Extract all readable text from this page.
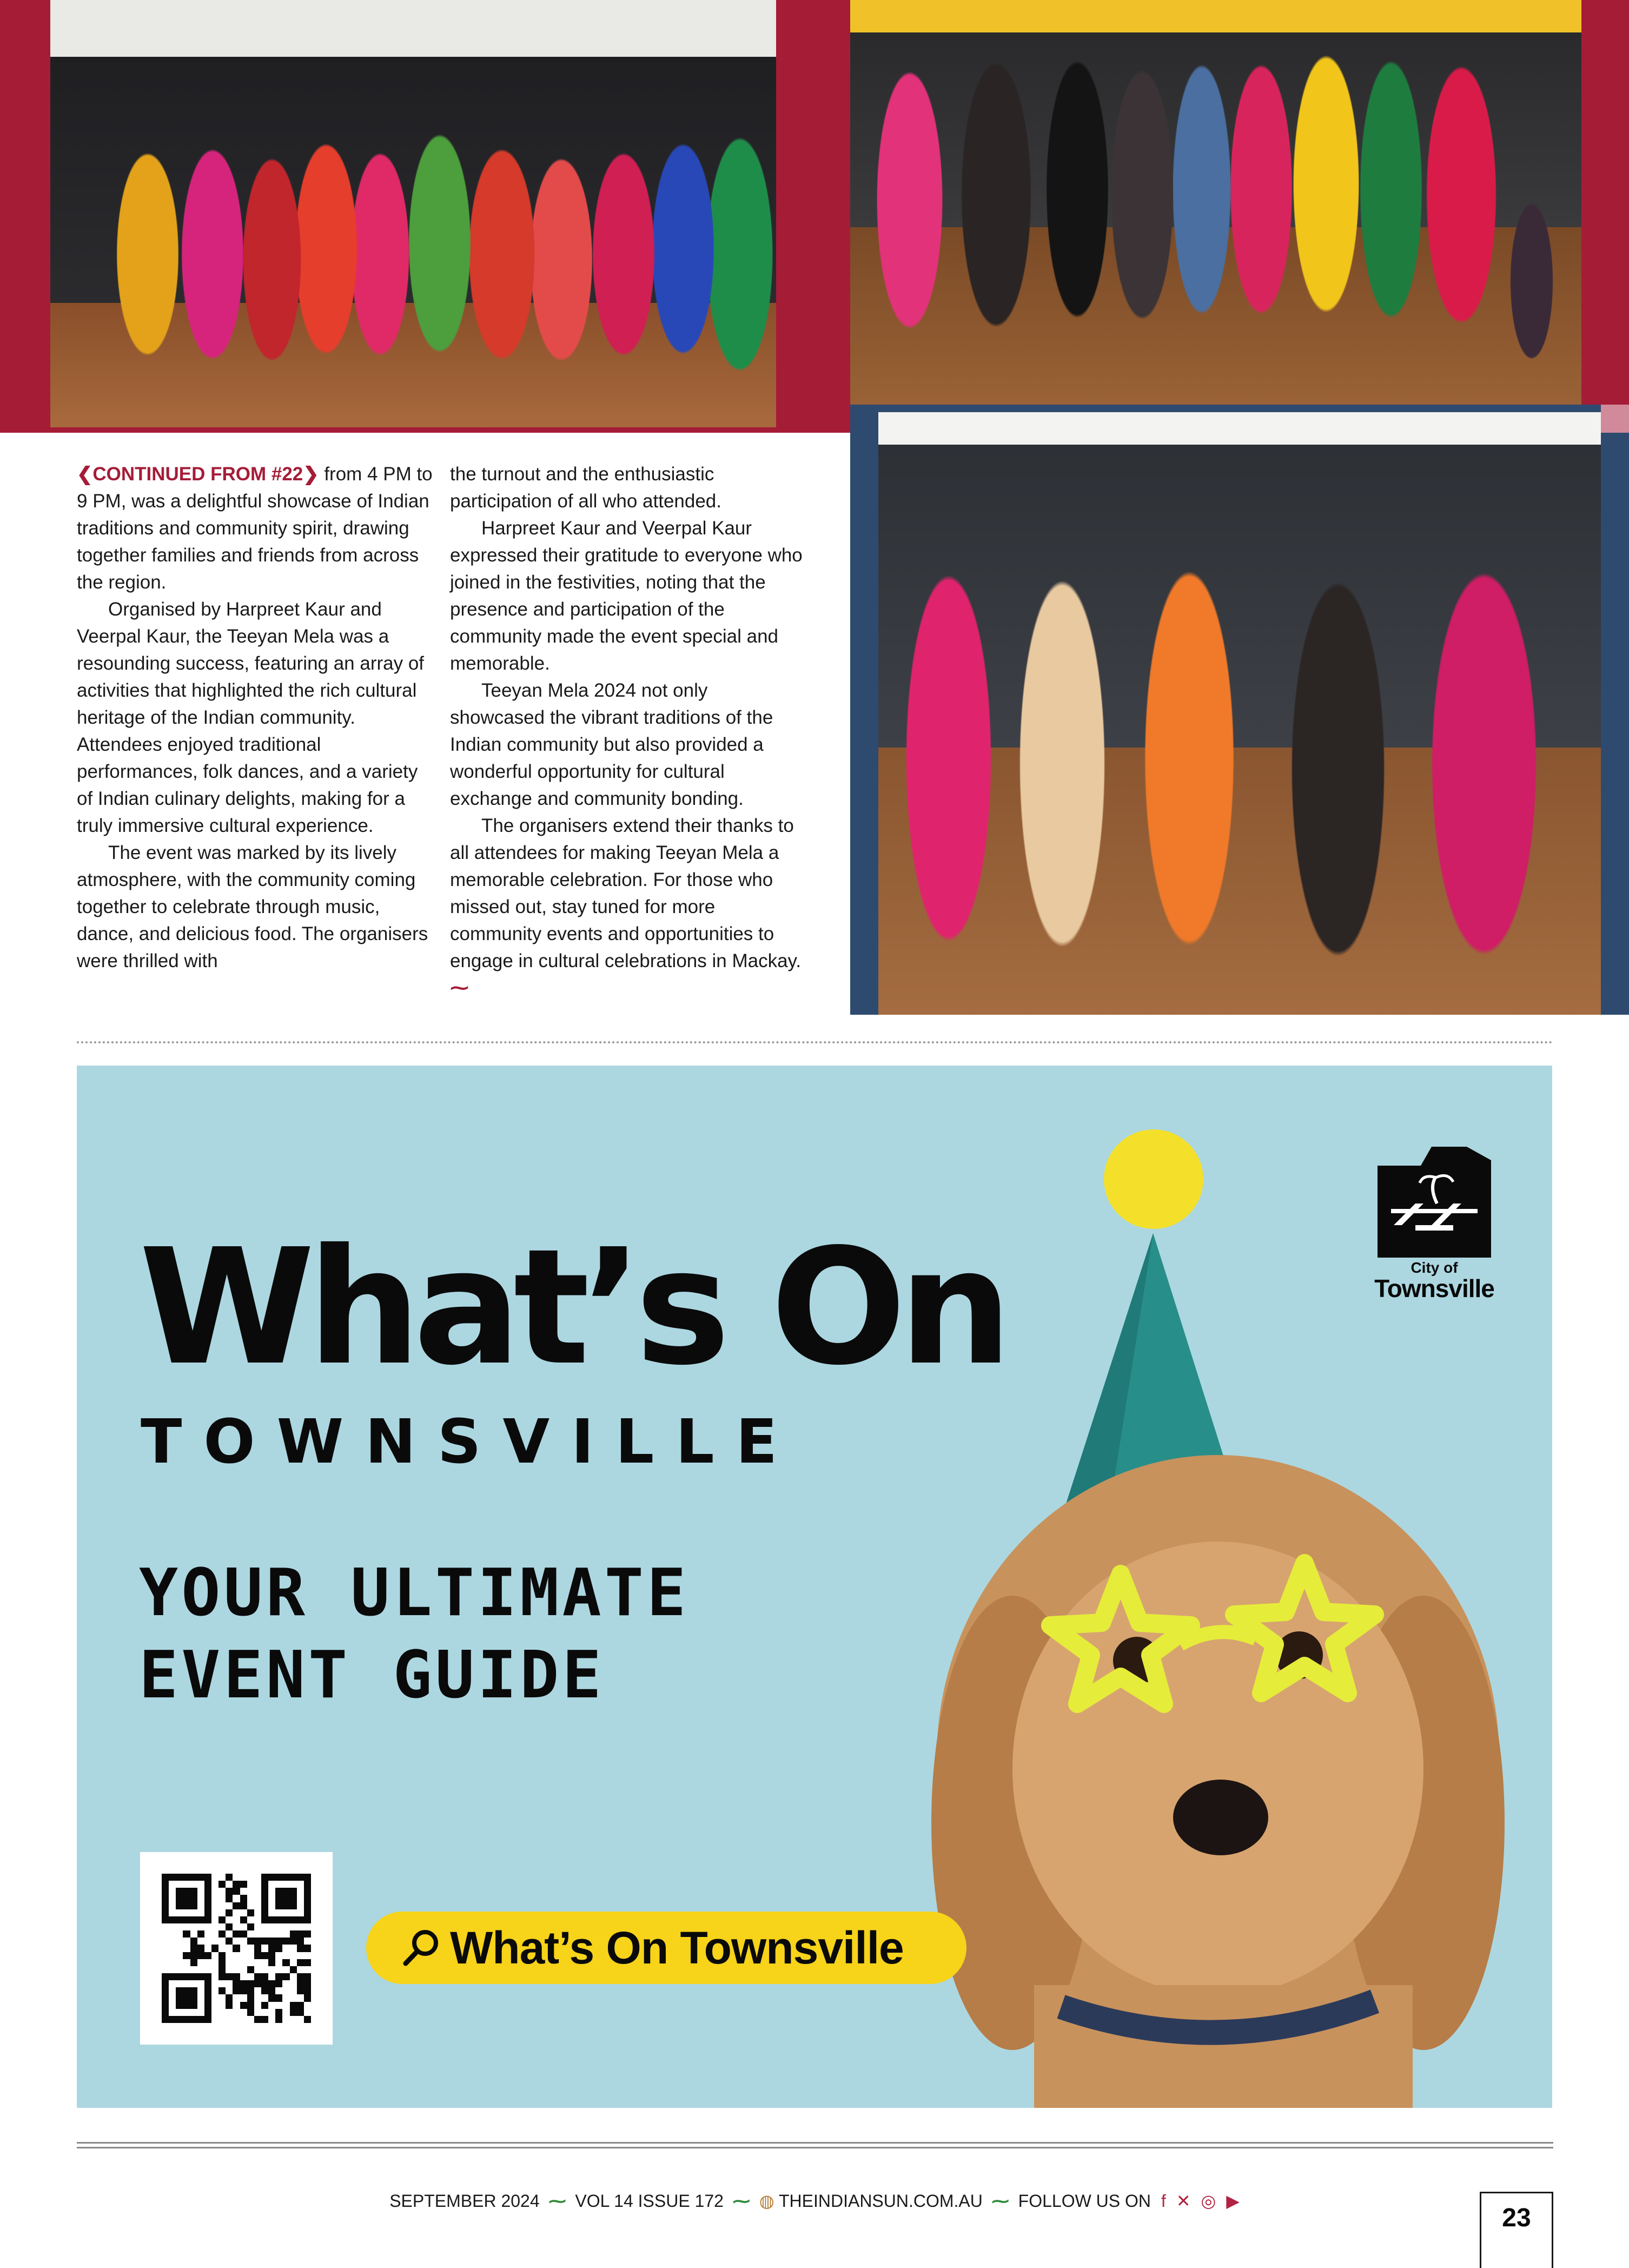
❮CONTINUED FROM #22❯ from 4 PM to 9 PM, was a delightful showcase of Indian traditions and community spirit, drawing together families and friends from across the region.

Organised by Harpreet Kaur and Veerpal Kaur, the Teeyan Mela was a resounding success, featuring an array of activities that highlighted the rich cultural heritage of the Indian community. Attendees enjoyed traditional performances, folk dances, and a variety of Indian culinary delights, making for a truly immersive cultural experience.

The event was marked by its lively atmosphere, with the community coming together to celebrate through music, dance, and delicious food. The organisers were thrilled with

the turnout and the enthusiastic participation of all who attended.

Harpreet Kaur and Veerpal Kaur expressed their gratitude to everyone who joined in the festivities, noting that the presence and participation of the community made the event special and memorable.

Teeyan Mela 2024 not only showcased the vibrant traditions of the Indian community but also provided a wonderful opportunity for cultural exchange and community bonding.

The organisers extend their thanks to all attendees for making Teeyan Mela a memorable celebration. For those who missed out, stay tuned for more community events and opportunities to engage in cultural celebrations in Mackay. ⁓

What’s On
TOWNSVILLE
YOUR ULTIMATE
EVENT GUIDE
What’s On Townsville
City of
Townsville
SEPTEMBER 2024 ⁓ VOL 14 ISSUE 172 ⁓ ◍ THEINDIANSUN.COM.AU ⁓ FOLLOW US ON f ✕ ◎ ▶
23
